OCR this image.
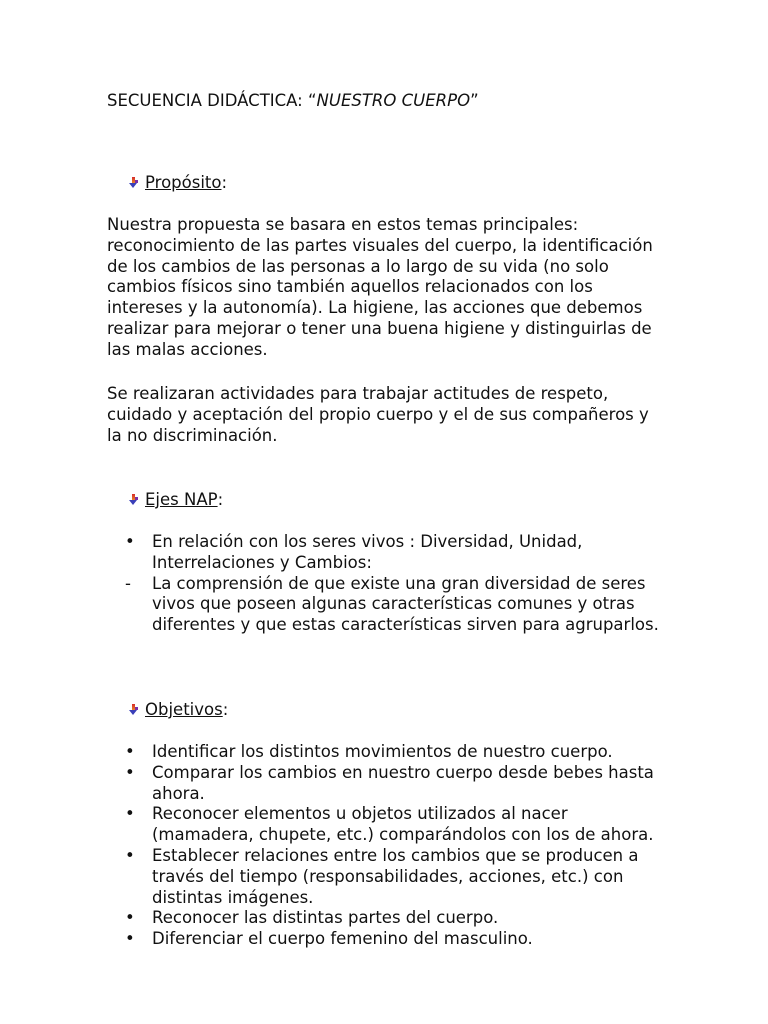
SECUENCIA DIDÁCTICA: “NUESTRO CUERPO”
Propósito:

Nuestra propuesta se basara en estos temas principales: reconocimiento de las partes visuales del cuerpo, la identificación de los cambios de las personas a lo largo de su vida (no solo cambios físicos sino también aquellos relacionados con los intereses y la autonomía). La higiene, las acciones que debemos realizar para mejorar o tener una buena higiene y distinguirlas de las malas acciones.

Se realizaran actividades para trabajar actitudes de respeto, cuidado y aceptación del propio cuerpo y el de sus compañeros y la no discriminación.

Ejes NAP:
• En relación con los seres vivos : Diversidad, Unidad, Interrelaciones y Cambios:
- La comprensión de que existe una gran diversidad de seres vivos que poseen algunas características comunes y otras diferentes y que estas características sirven para agruparlos.
Objetivos:
• Identificar los distintos movimientos de nuestro cuerpo.
• Comparar los cambios en nuestro cuerpo desde bebes hasta ahora.
• Reconocer elementos u objetos utilizados al nacer (mamadera, chupete, etc.) comparándolos con los de ahora.
• Establecer relaciones entre los cambios que se producen a través del tiempo (responsabilidades, acciones, etc.) con distintas imágenes.
• Reconocer las distintas partes del cuerpo.
• Diferenciar el cuerpo femenino del masculino.
